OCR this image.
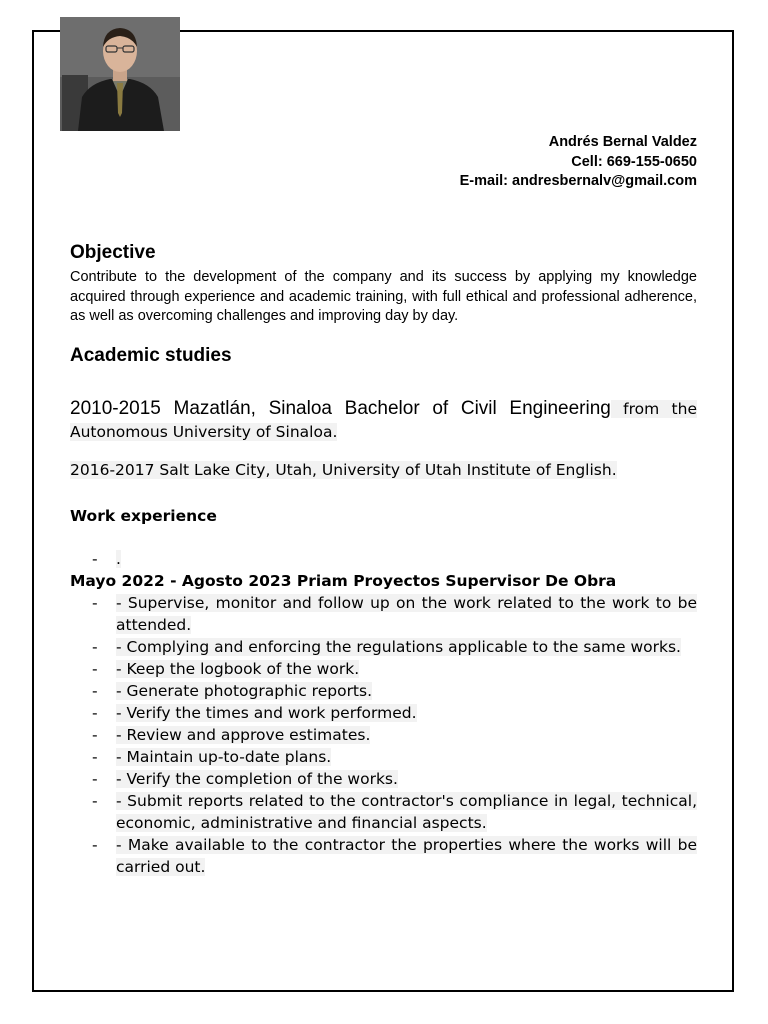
Andrés Bernal Valdez
Cell: 669-155-0650
E-mail: andresbernalv@gmail.com
Objective
Contribute to the development of the company and its success by applying my knowledge acquired through experience and academic training, with full ethical and professional adherence, as well as overcoming challenges and improving day by day.
Academic studies
2010-2015 Mazatlán, Sinaloa Bachelor of Civil Engineering from the Autonomous University of Sinaloa.
2016-2017 Salt Lake City, Utah, University of Utah Institute of English.
Work experience
-	.
Mayo 2022 - Agosto 2023 Priam Proyectos Supervisor De Obra
-	- Supervise, monitor and follow up on the work related to the work to be attended.
-	- Complying and enforcing the regulations applicable to the same works.
-	- Keep the logbook of the work.
-	- Generate photographic reports.
-	- Verify the times and work performed.
-	- Review and approve estimates.
-	- Maintain up-to-date plans.
-	- Verify the completion of the works.
-	- Submit reports related to the contractor's compliance in legal, technical, economic, administrative and financial aspects.
-	- Make available to the contractor the properties where the works will be carried out.
